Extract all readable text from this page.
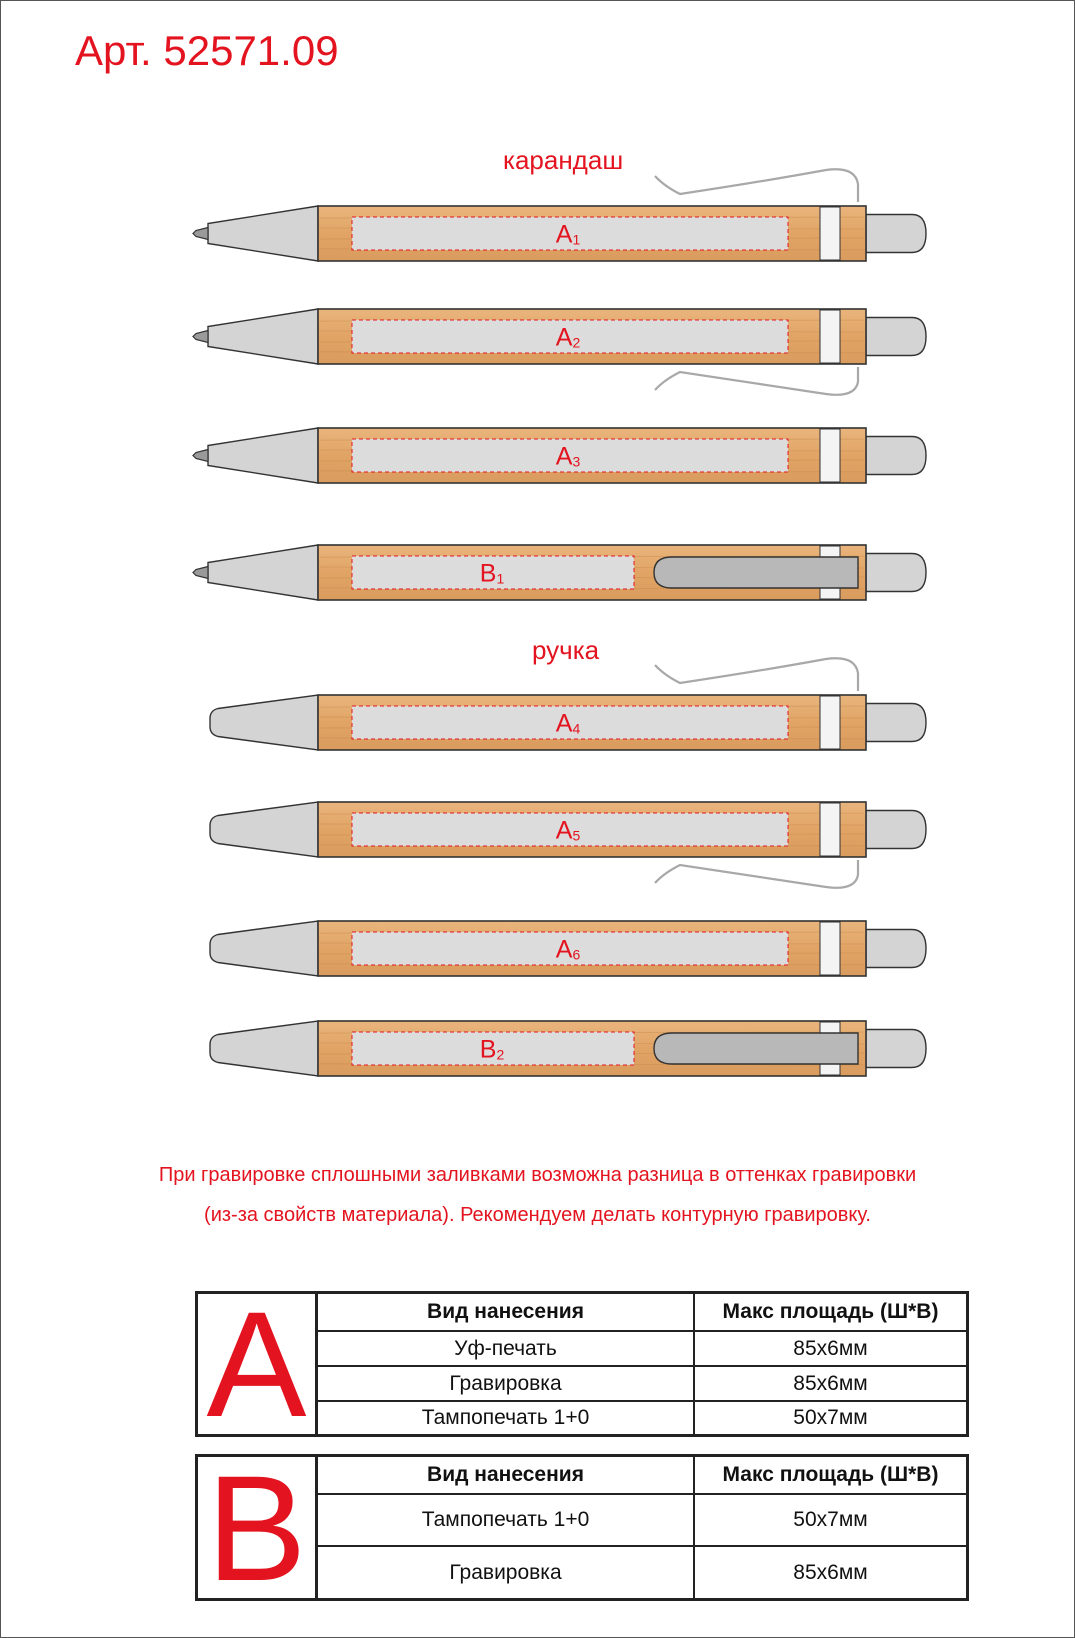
Арт. 52571.09
карандаш
ручка
A1
A2
A3
B1
A4
A5
A6
B2
При гравировке сплошными заливками возможна разница в оттенках гравировки
(из-за свойств материала). Рекомендуем делать контурную гравировку.
A	Вид нанесения	Макс площадь (Ш*В)
Уф-печать	85x6мм
Гравировка	85x6мм
Тампопечать 1+0	50x7мм
B	Вид нанесения	Макс площадь (Ш*В)
Тампопечать 1+0	50x7мм
Гравировка	85x6мм
